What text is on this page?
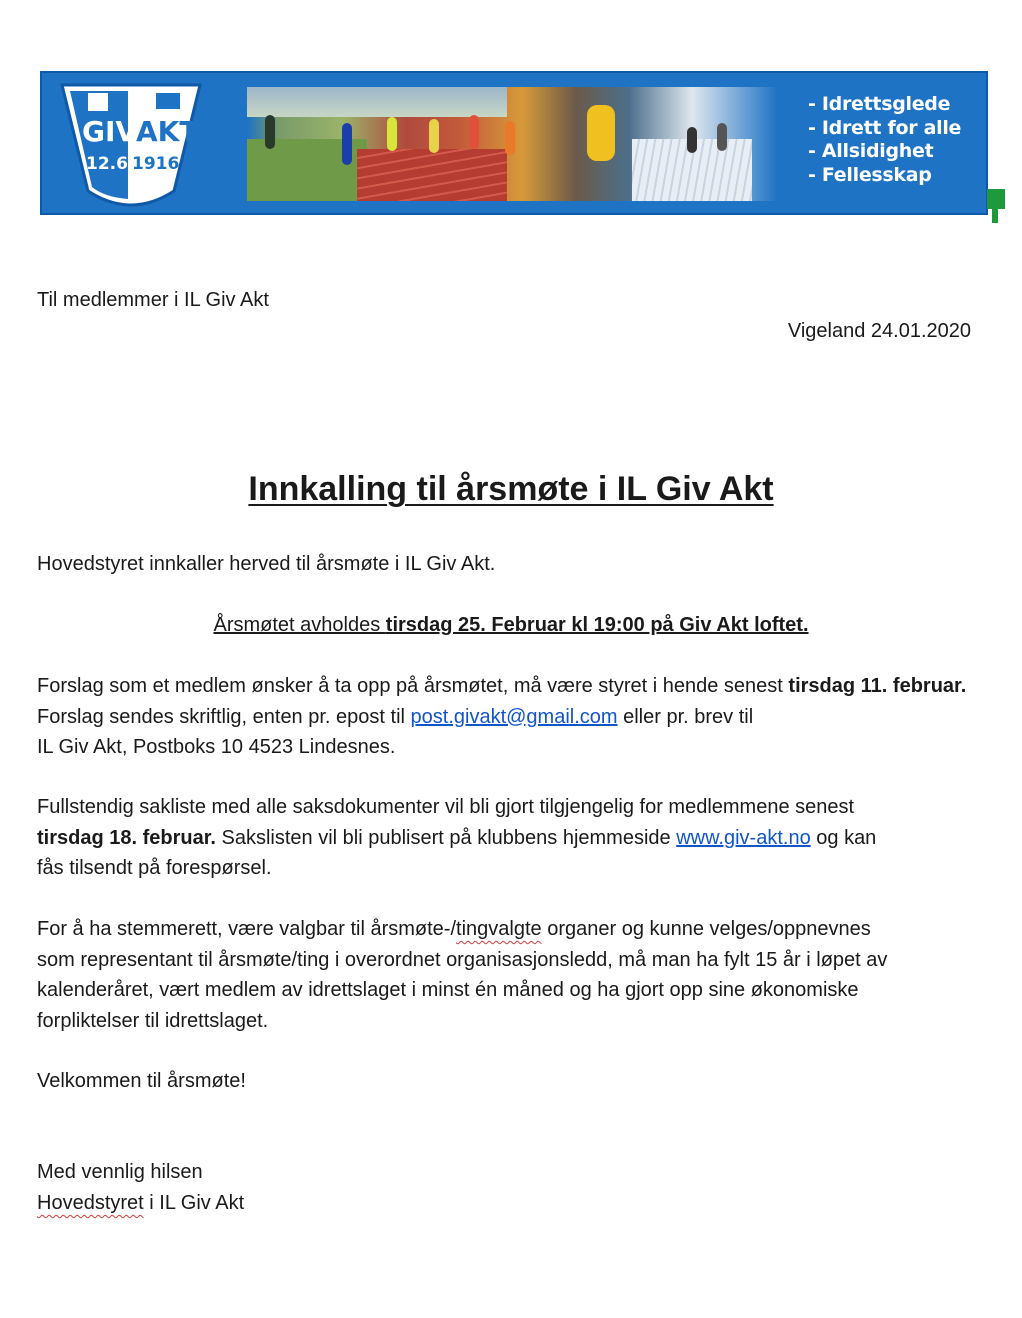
GIV
AKT
12.6 1916
- Idrettsglede
- Idrett for alle
- Allsidighet
- Fellesskap
Til medlemmer i IL Giv Akt
Vigeland 24.01.2020
Innkalling til årsmøte i IL Giv Akt
Hovedstyret innkaller herved til årsmøte i IL Giv Akt.
Årsmøtet avholdes tirsdag 25. Februar kl 19:00 på Giv Akt loftet.
Forslag som et medlem ønsker å ta opp på årsmøtet, må være styret i hende senest tirsdag 11. februar. Forslag sendes skriftlig, enten pr. epost til post.givakt@gmail.com eller pr. brev til
IL Giv Akt, Postboks 10 4523 Lindesnes.
Fullstendig sakliste med alle saksdokumenter vil bli gjort tilgjengelig for medlemmene senest
tirsdag 18. februar. Sakslisten vil bli publisert på klubbens hjemmeside www.giv-akt.no og kan
fås tilsendt på forespørsel.
For å ha stemmerett, være valgbar til årsmøte-/tingvalgte organer og kunne velges/oppnevnes
som representant til årsmøte/ting i overordnet organisasjonsledd, må man ha fylt 15 år i løpet av
kalenderåret, vært medlem av idrettslaget i minst én måned og ha gjort opp sine økonomiske
forpliktelser til idrettslaget.
Velkommen til årsmøte!
Med vennlig hilsen
Hovedstyret i IL Giv Akt
